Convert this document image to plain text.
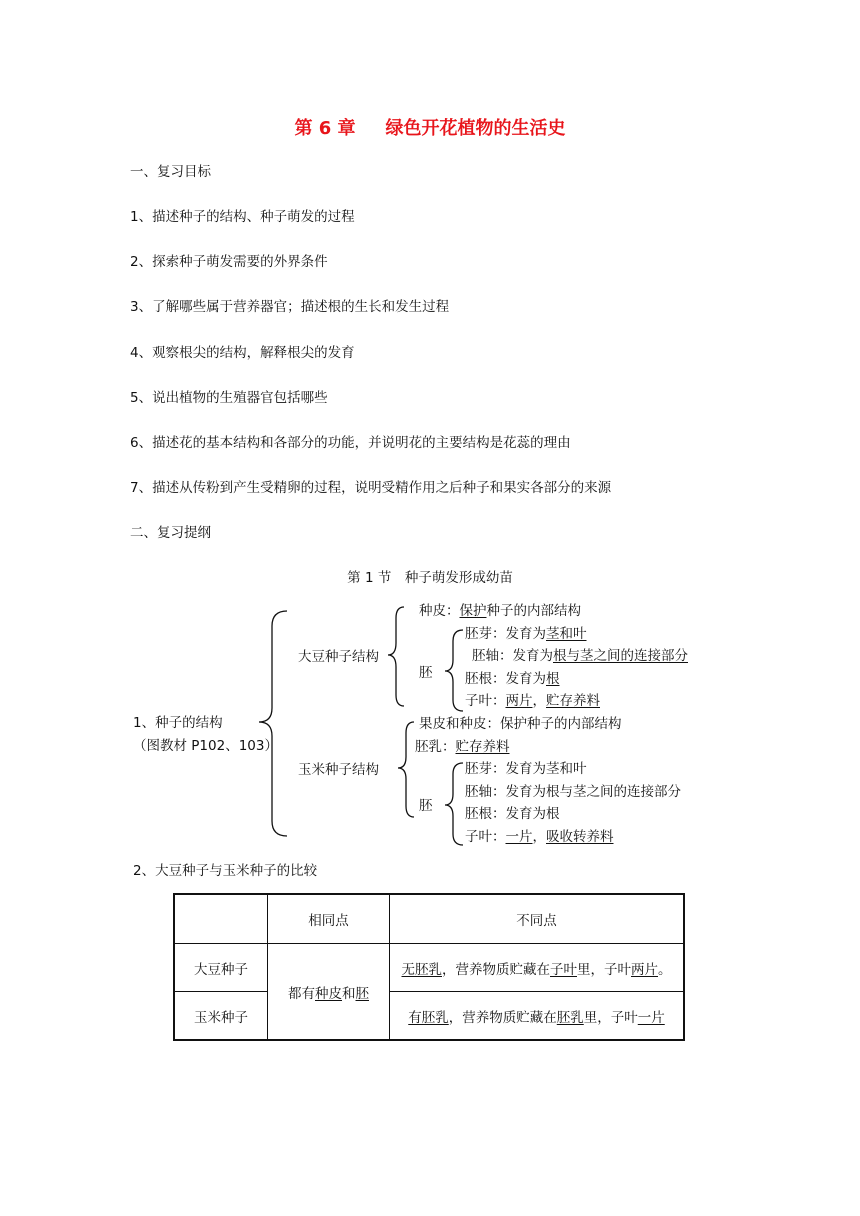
第 6 章 绿色开花植物的生活史
一、复习目标
1、描述种子的结构、种子萌发的过程
2、探索种子萌发需要的外界条件
3、了解哪些属于营养器官；描述根的生长和发生过程
4、观察根尖的结构，解释根尖的发育
5、说出植物的生殖器官包括哪些
6、描述花的基本结构和各部分的功能，并说明花的主要结构是花蕊的理由
7、描述从传粉到产生受精卵的过程，说明受精作用之后种子和果实各部分的来源
二、复习提纲
第 1 节　种子萌发形成幼苗
1、种子的结构
（图教材 P102、103）
大豆种子结构
种皮：保护种子的内部结构
胚
胚芽：发育为茎和叶
胚轴：发育为根与茎之间的连接部分
胚根：发育为根
子叶：两片，贮存养料
玉米种子结构
果皮和种皮：保护种子的内部结构
胚乳：贮存养料
胚
胚芽：发育为茎和叶
胚轴：发育为根与茎之间的连接部分
胚根：发育为根
子叶：一片，吸收转养料
2、大豆种子与玉米种子的比较
	相同点	不同点
大豆种子	都有种皮和胚	无胚乳，营养物质贮藏在子叶里，子叶两片。
玉米种子		有胚乳，营养物质贮藏在胚乳里，子叶一片
